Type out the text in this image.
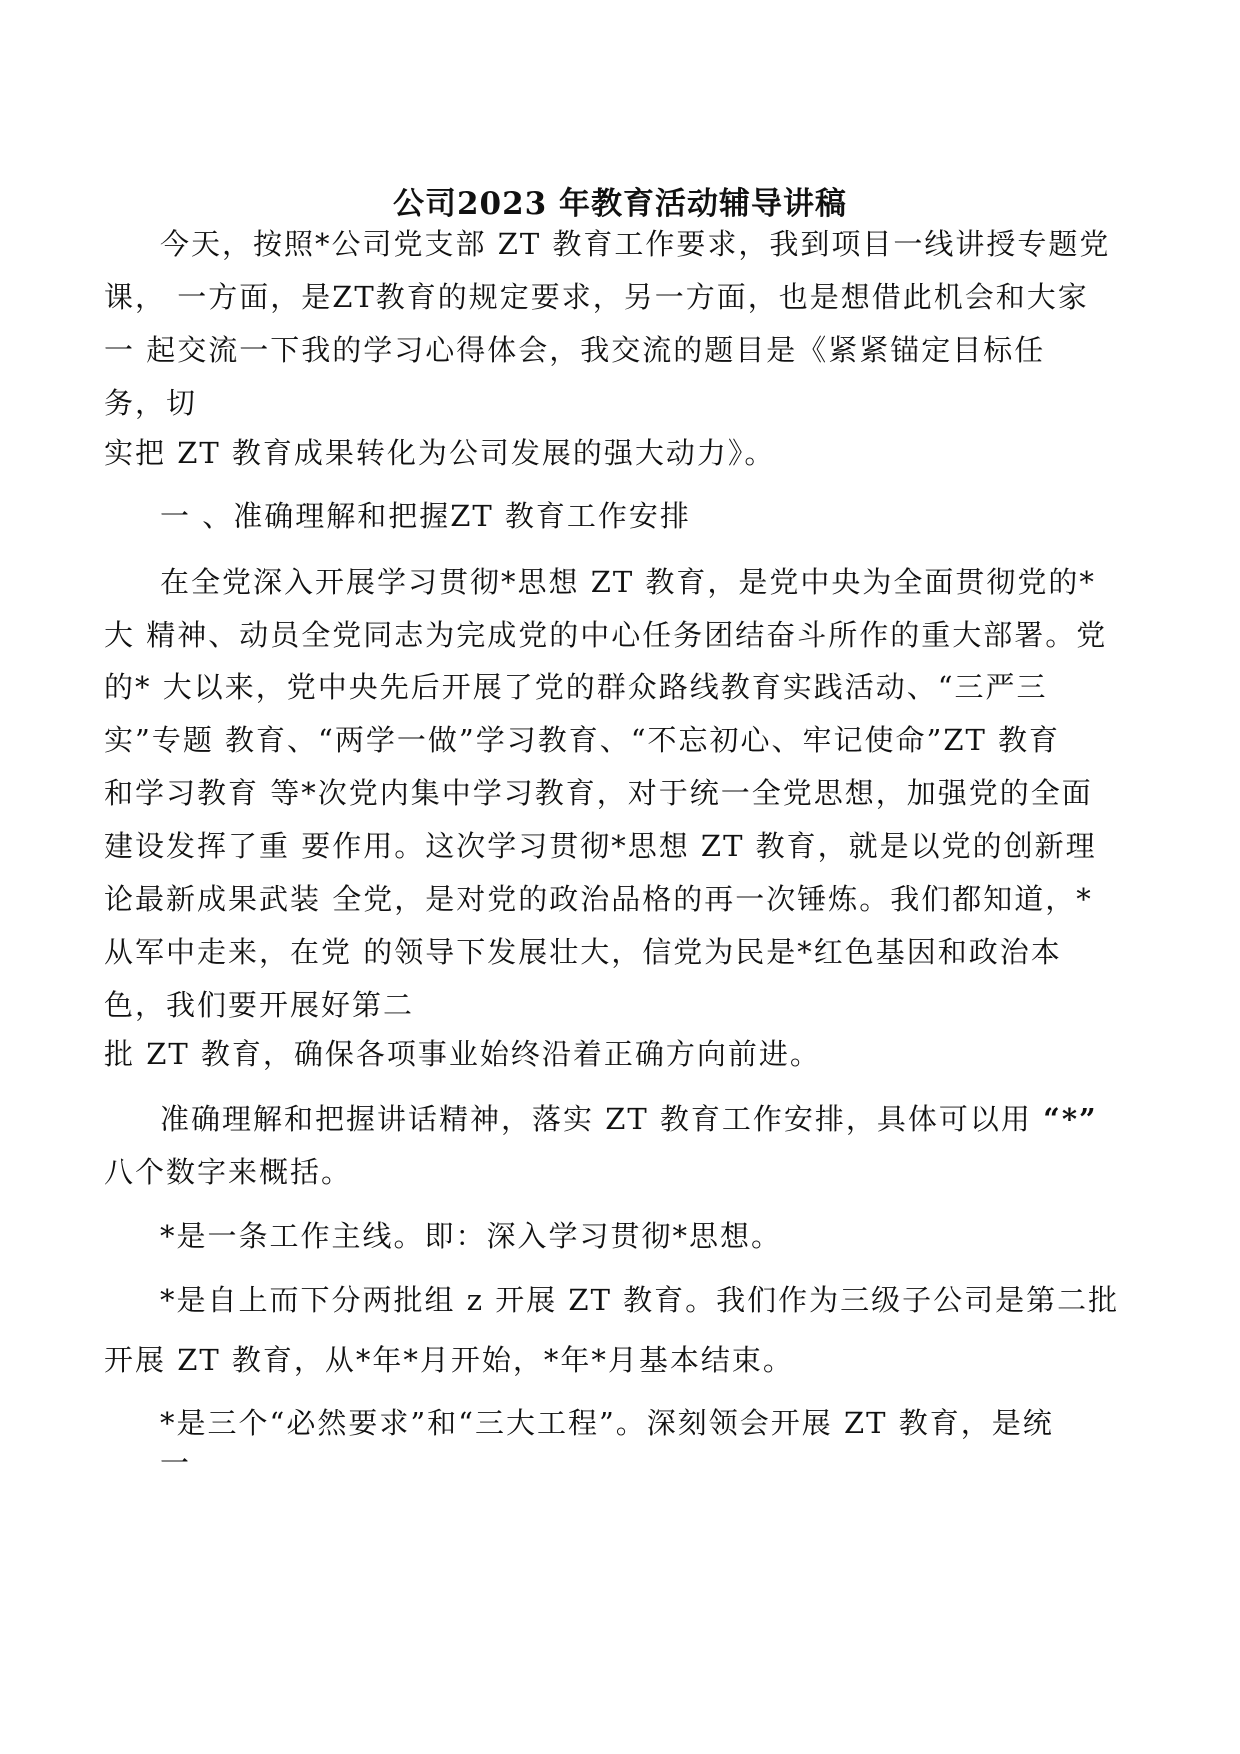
公司2023 年教育活动辅导讲稿
今天，按照*公司党支部 ZT 教育工作要求，我到项目一线讲授专题党
课， 一方面，是ZT教育的规定要求，另一方面，也是想借此机会和大家
一 起交流一下我的学习心得体会，我交流的题目是《紧紧锚定目标任
务，切
实把 ZT 教育成果转化为公司发展的强大动力》。
一 、准确理解和把握ZT 教育工作安排
在全党深入开展学习贯彻*思想 ZT 教育，是党中央为全面贯彻党的*
大 精神、动员全党同志为完成党的中心任务团结奋斗所作的重大部署。党
的* 大以来，党中央先后开展了党的群众路线教育实践活动、“三严三
实”专题 教育、“两学一做”学习教育、“不忘初心、牢记使命”ZT 教育
和学习教育 等*次党内集中学习教育，对于统一全党思想，加强党的全面
建设发挥了重 要作用。这次学习贯彻*思想 ZT 教育，就是以党的创新理
论最新成果武装 全党，是对党的政治品格的再一次锤炼。我们都知道，*
从军中走来，在党 的领导下发展壮大，信党为民是*红色基因和政治本
色，我们要开展好第二
批 ZT 教育，确保各项事业始终沿着正确方向前进。
准确理解和把握讲话精神，落实 ZT 教育工作安排，具体可以用 “*”
八个数字来概括。
*是一条工作主线。即：深入学习贯彻*思想。
*是自上而下分两批组 z 开展 ZT 教育。我们作为三级子公司是第二批
开展 ZT 教育，从*年*月开始，*年*月基本结束。
*是三个“必然要求”和“三大工程”。深刻领会开展 ZT 教育，是统
一
